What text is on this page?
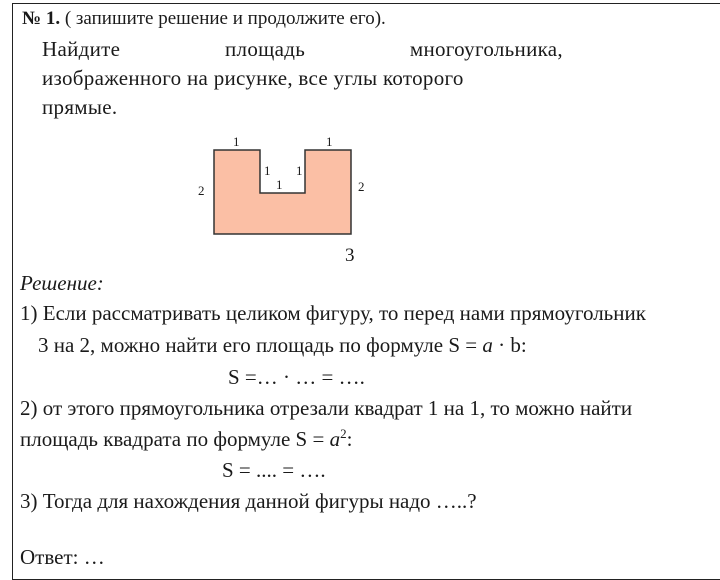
№ 1. ( запишите решение и продолжите его).
Найдите	площадь	многоугольника,
изображенного на рисунке, все углы которого
прямые.
1	1
2	2
1 1
1
3
Решение:
1) Если рассматривать целиком фигуру, то перед нами прямоугольник
3 на 2, можно найти его площадь по формуле S = a · b:
S =… · … = ….
2) от этого прямоугольника отрезали квадрат 1 на 1, то можно найти
площадь квадрата по формуле $S = a^2$:
S = .... = ….
3) Тогда для нахождения данной фигуры надо …..?
Ответ: …
